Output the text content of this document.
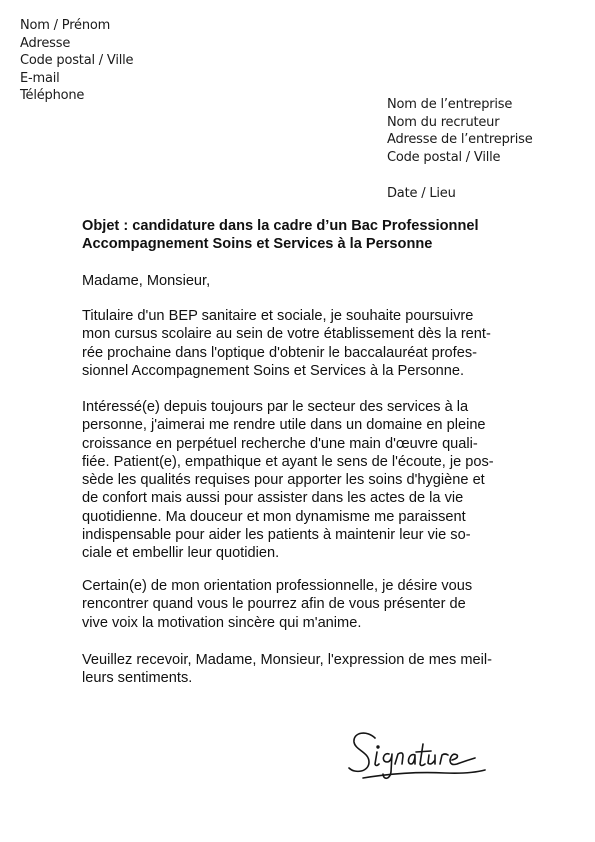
Nom / Prénom
Adresse
Code postal / Ville
E-mail
Téléphone
Nom de l’entreprise
Nom du recruteur
Adresse de l’entreprise
Code postal / Ville
Date / Lieu
Objet : candidature dans la cadre d’un Bac Professionnel
Accompagnement Soins et Services à la Personne
Madame, Monsieur,
Titulaire d'un BEP sanitaire et sociale, je souhaite poursuivre
mon cursus scolaire au sein de votre établissement dès la rent-
rée prochaine dans l'optique d'obtenir le baccalauréat profes-
sionnel Accompagnement Soins et Services à la Personne.
Intéressé(e) depuis toujours par le secteur des services à la
personne, j'aimerai me rendre utile dans un domaine en pleine
croissance en perpétuel recherche d'une main d'œuvre quali-
fiée. Patient(e), empathique et ayant le sens de l'écoute, je pos-
sède les qualités requises pour apporter les soins d'hygiène et
de confort mais aussi pour assister dans les actes de la vie
quotidienne. Ma douceur et mon dynamisme me paraissent
indispensable pour aider les patients à maintenir leur vie so-
ciale et embellir leur quotidien.
Certain(e) de mon orientation professionnelle, je désire vous
rencontrer quand vous le pourrez afin de vous présenter de
vive voix la motivation sincère qui m'anime.
Veuillez recevoir, Madame, Monsieur, l'expression de mes meil-
leurs sentiments.
